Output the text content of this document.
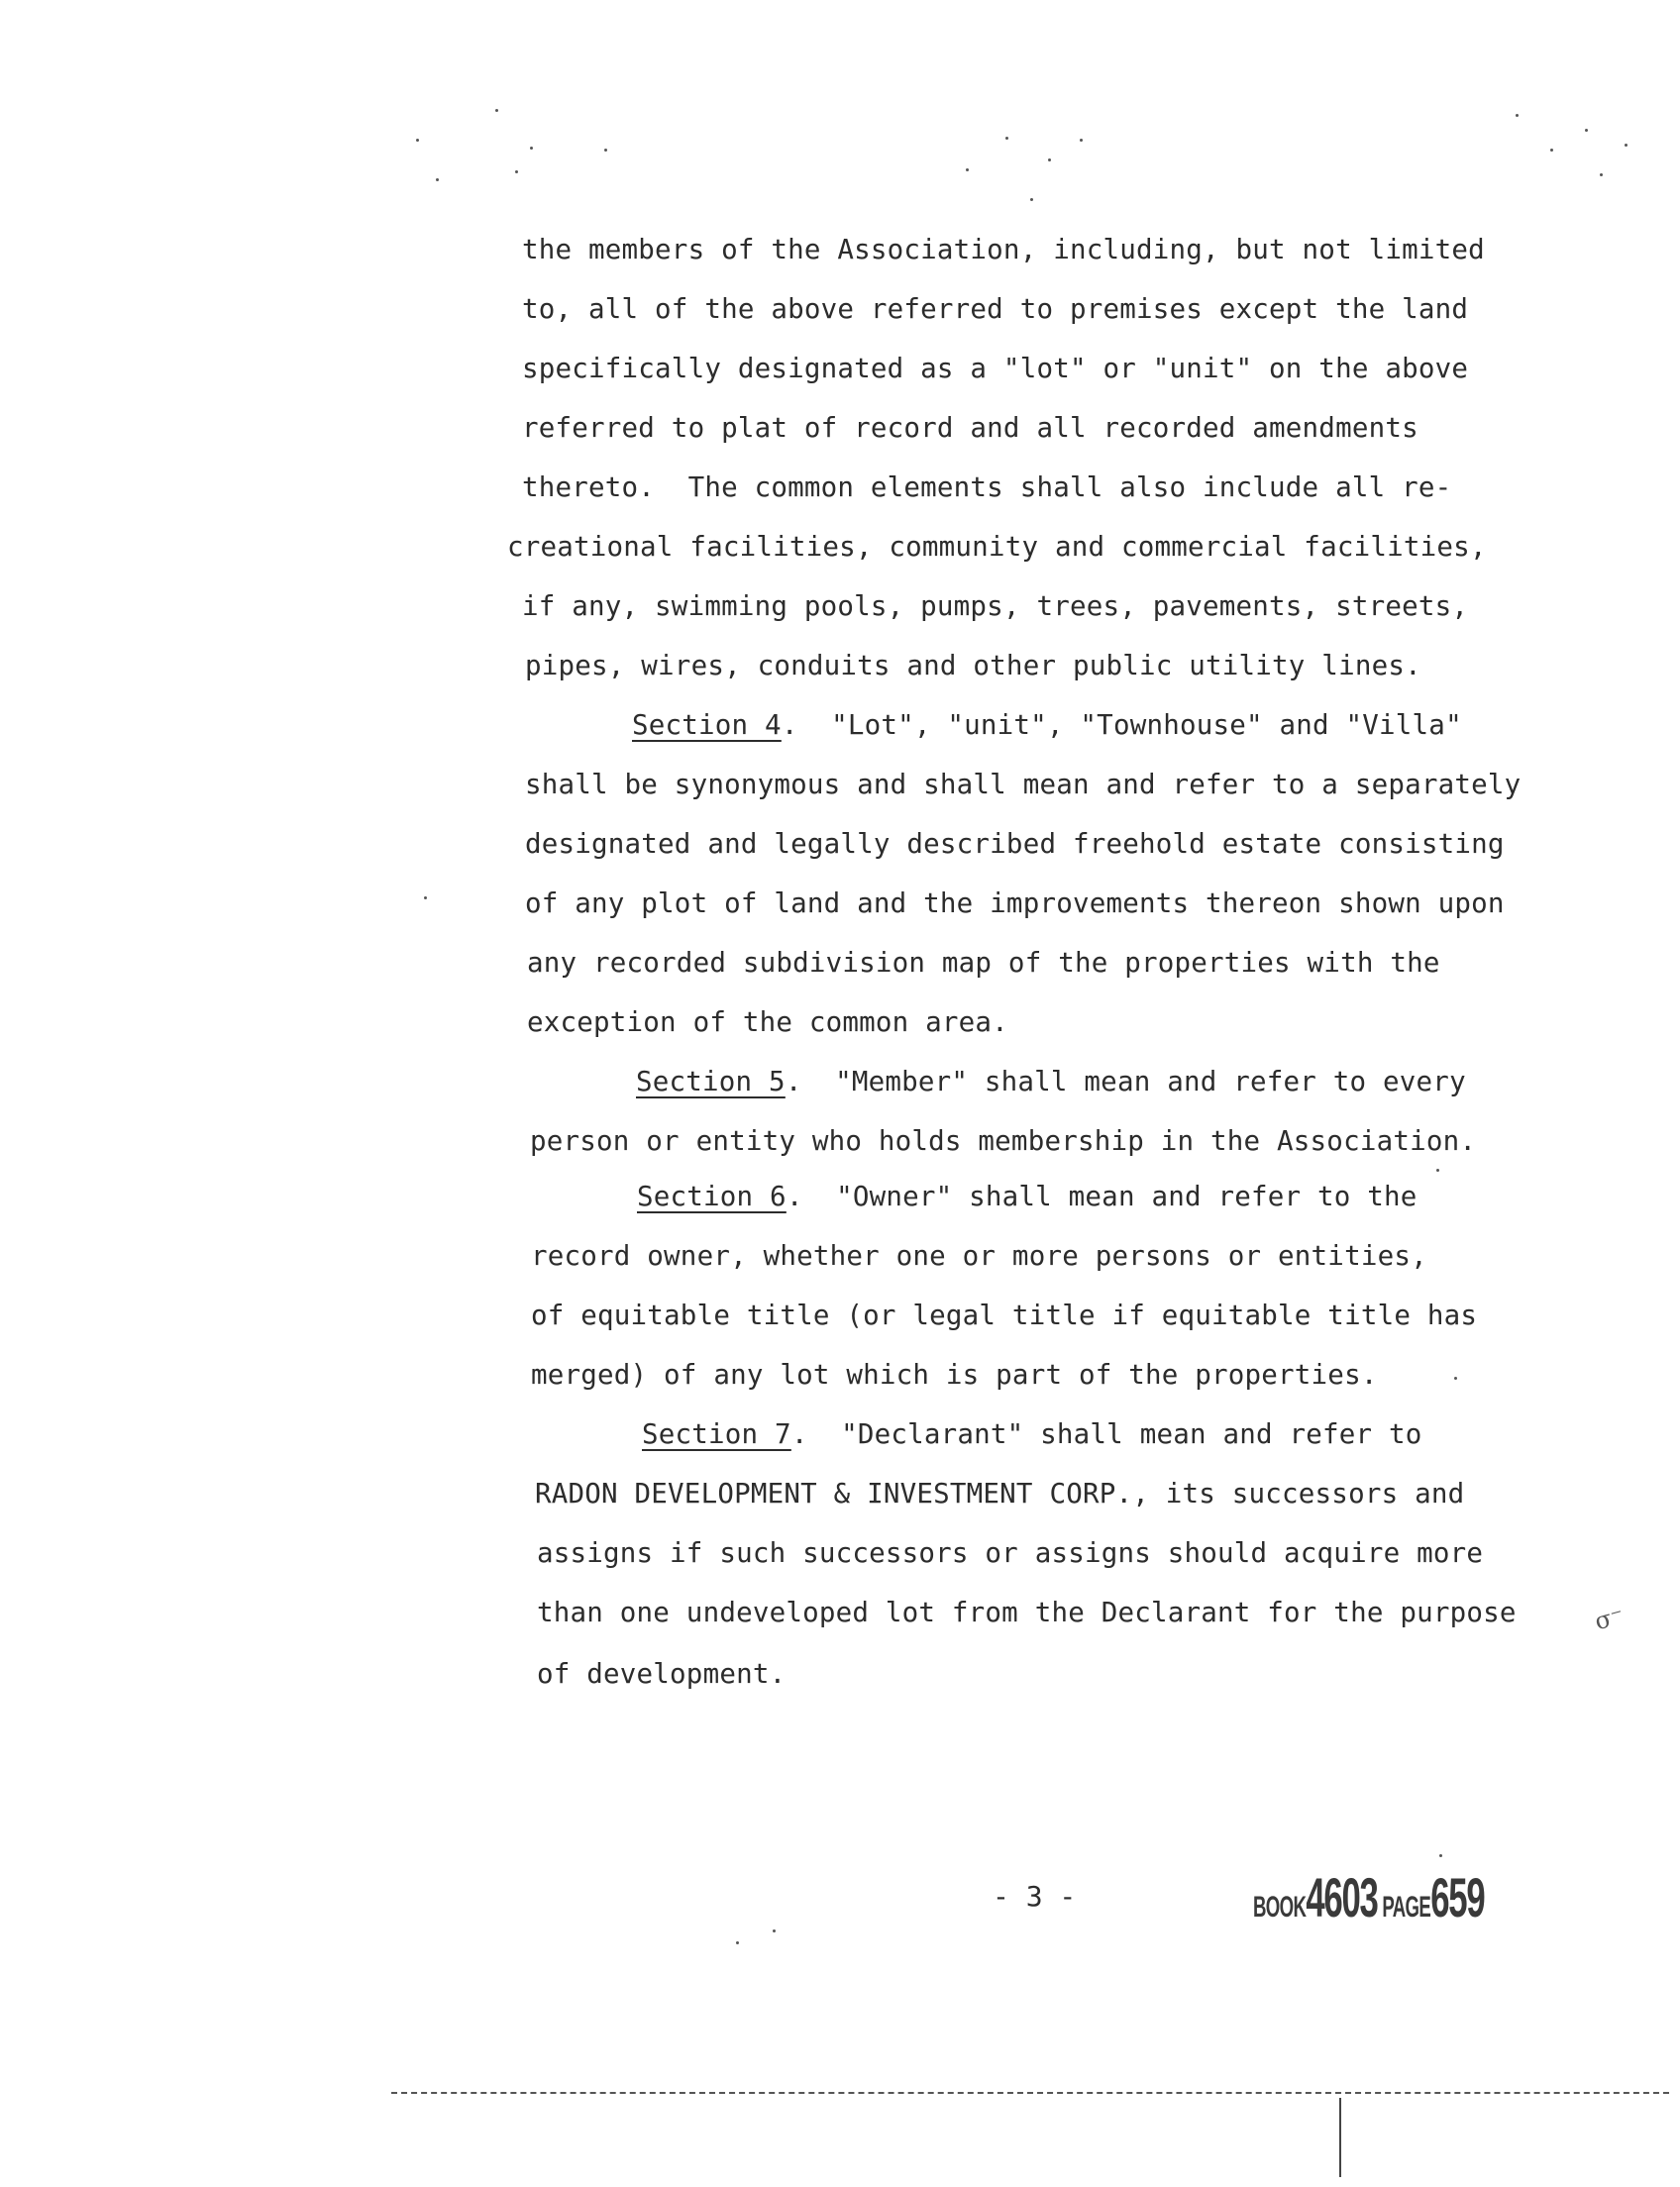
the members of the Association, including, but not limited
to, all of the above referred to premises except the land
specifically designated as a "lot" or "unit" on the above
referred to plat of record and all recorded amendments
thereto.  The common elements shall also include all re-
creational facilities, community and commercial facilities,
if any, swimming pools, pumps, trees, pavements, streets,
pipes, wires, conduits and other public utility lines.
Section 4.  "Lot", "unit", "Townhouse" and "Villa"
shall be synonymous and shall mean and refer to a separately
designated and legally described freehold estate consisting
of any plot of land and the improvements thereon shown upon
any recorded subdivision map of the properties with the
exception of the common area.
Section 5.  "Member" shall mean and refer to every
person or entity who holds membership in the Association.
Section 6.  "Owner" shall mean and refer to the
record owner, whether one or more persons or entities,
of equitable title (or legal title if equitable title has
merged) of any lot which is part of the properties.
Section 7.  "Declarant" shall mean and refer to
RADON DEVELOPMENT & INVESTMENT CORP., its successors and
assigns if such successors or assigns should acquire more
than one undeveloped lot from the Declarant for the purpose
of development.
- 3 -	BOOK4603 PAGE659
σ⁻
